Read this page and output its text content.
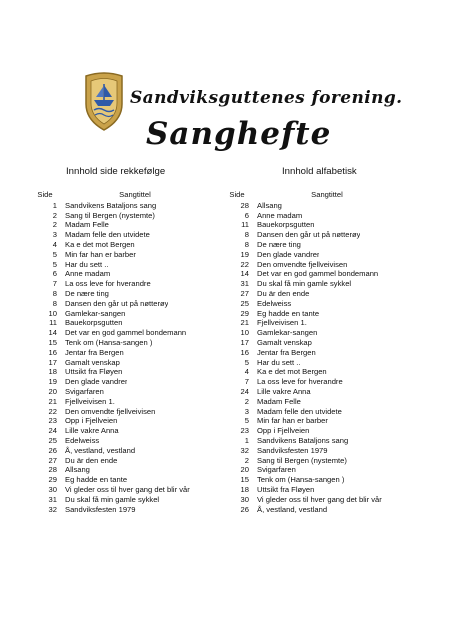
Sandviksguttenes forening.
Sanghefte
Innhold side rekkefølge	Innhold alfabetisk
Side	Sangtittel
1	Sandvikens Bataljons sang
2	Sang til Bergen (nystemte)
2	Madam Felle
3	Madam felle den utvidete
4	Ka e det mot Bergen
5	Min far han er barber
5	Har du sett ..
6	Anne madam
7	La oss leve for hverandre
8	De nære ting
8	Dansen den går ut på nøtterøy
10	Gamlekar-sangen
11	Bauekorpsgutten
14	Det var en god gammel bondemann
15	Tenk om (Hansa-sangen )
16	Jentar fra Bergen
17	Gamalt venskap
18	Uttsikt fra Fløyen
19	Den glade vandrer
20	Svigarfaren
21	Fjellveivisen 1.
22	Den omvendte fjellveivisen
23	Opp i Fjellveien
24	Lille vakre Anna
25	Edelweiss
26	Å, vestland, vestland
27	Du är den ende
28	Allsang
29	Eg hadde en tante
30	Vi gleder oss til hver gang det blir vår
31	Du skal få min gamle sykkel
32	Sandviksfesten 1979
Side	Sangtittel
28	Allsang
6	Anne madam
11	Bauekorpsgutten
8	Dansen den går ut på nøtterøy
8	De nære ting
19	Den glade vandrer
22	Den omvendte fjellveivisen
14	Det var en god gammel bondemann
31	Du skal få min gamle sykkel
27	Du är den ende
25	Edelweiss
29	Eg hadde en tante
21	Fjellveivisen 1.
10	Gamlekar-sangen
17	Gamalt venskap
16	Jentar fra Bergen
5	Har du sett ..
4	Ka e det mot Bergen
7	La oss leve for hverandre
24	Lille vakre Anna
2	Madam Felle
3	Madam felle den utvidete
5	Min far han er barber
23	Opp i Fjellveien
1	Sandvikens Bataljons sang
32	Sandviksfesten 1979
2	Sang til Bergen (nystemte)
20	Svigarfaren
15	Tenk om (Hansa-sangen )
18	Uttsikt fra Fløyen
30	Vi gleder oss til hver gang det blir vår
26	Å, vestland, vestland
